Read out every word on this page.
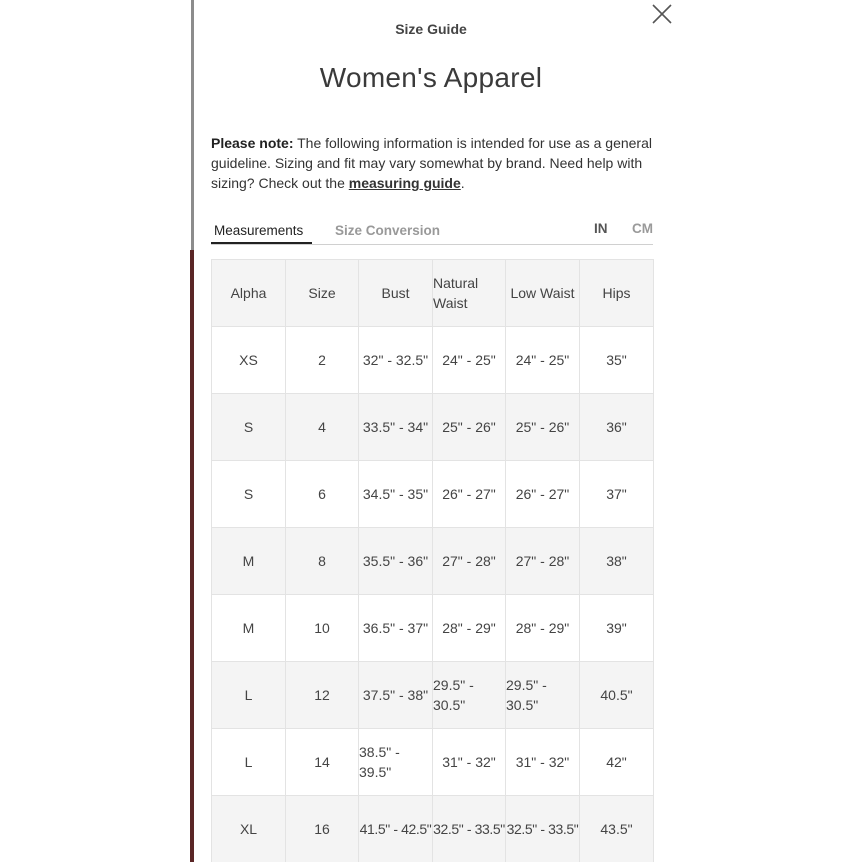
Size Guide
Women's Apparel
Please note: The following information is intended for use as a general guideline. Sizing and fit may vary somewhat by brand. Need help with sizing? Check out the measuring guide.
Measurements	Size Conversion	IN CM
Alpha	Size	Bust	Natural Waist	Low Waist	Hips
XS	2	32" - 32.5"	24" - 25"	24" - 25"	35"
S	4	33.5" - 34"	25" - 26"	25" - 26"	36"
S	6	34.5" - 35"	26" - 27"	26" - 27"	37"
M	8	35.5" - 36"	27" - 28"	27" - 28"	38"
M	10	36.5" - 37"	28" - 29"	28" - 29"	39"
L	12	37.5" - 38"	29.5" - 30.5"	29.5" - 30.5"	40.5"
L	14	38.5" - 39.5"	31" - 32"	31" - 32"	42"
XL	16	41.5" - 42.5"	32.5" - 33.5"	32.5" - 33.5"	43.5"
